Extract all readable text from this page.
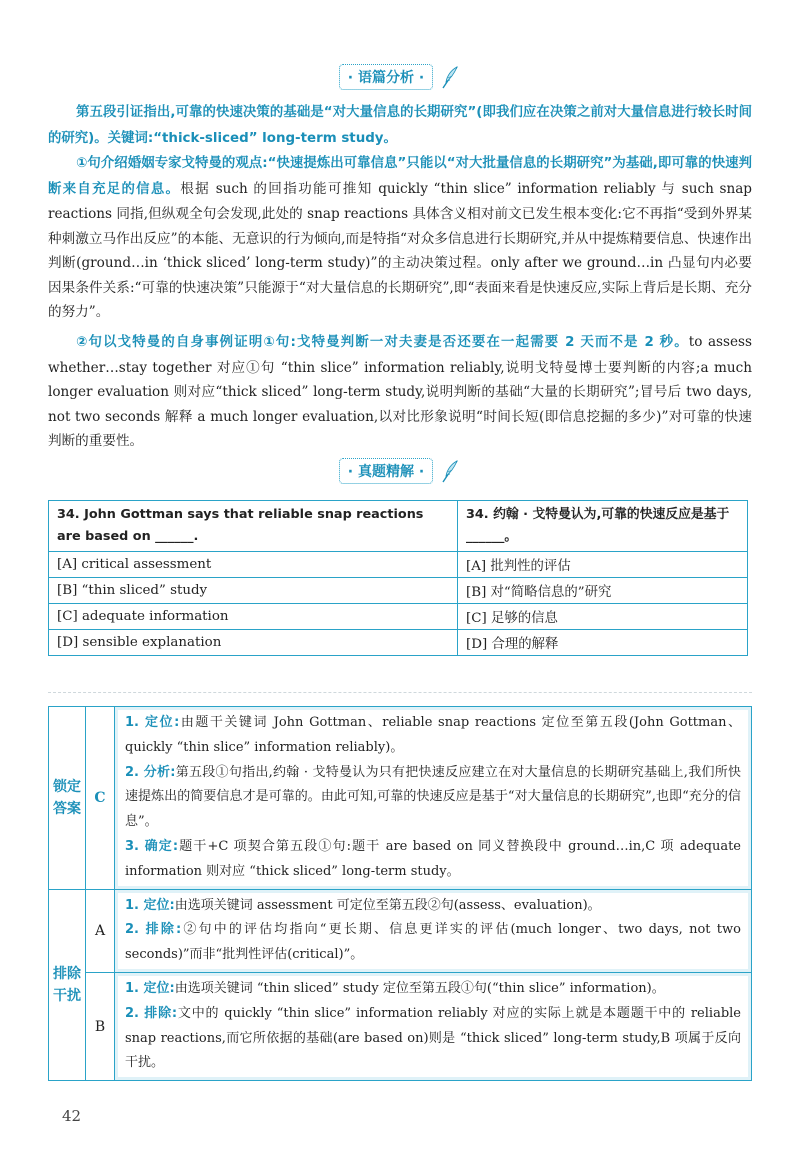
· 语篇分析 ·
第五段引证指出,可靠的快速决策的基础是“对大量信息的长期研究”(即我们应在决策之前对大量信息进行较长时间的研究)。关键词:“thick-sliced” long-term study。
①句介绍婚姻专家戈特曼的观点:“快速提炼出可靠信息”只能以“对大批量信息的长期研究”为基础,即可靠的快速判断来自充足的信息。根据 such 的回指功能可推知 quickly “thin slice” information reliably 与 such snap reactions 同指,但纵观全句会发现,此处的 snap reactions 具体含义相对前文已发生根本变化:它不再指“受到外界某种刺激立马作出反应”的本能、无意识的行为倾向,而是特指“对众多信息进行长期研究,并从中提炼精要信息、快速作出判断(ground…in ‘thick sliced’ long-term study)”的主动决策过程。only after we ground…in 凸显句内必要因果条件关系:“可靠的快速决策”只能源于“对大量信息的长期研究”,即“表面来看是快速反应,实际上背后是长期、充分的努力”。
②句以戈特曼的自身事例证明①句:戈特曼判断一对夫妻是否还要在一起需要 2 天而不是 2 秒。to assess whether…stay together 对应①句 “thin slice” information reliably,说明戈特曼博士要判断的内容;a much longer evaluation 则对应“thick sliced” long-term study,说明判断的基础“大量的长期研究”;冒号后 two days, not two seconds 解释 a much longer evaluation,以对比形象说明“时间长短(即信息挖掘的多少)”对可靠的快速判断的重要性。
· 真题精解 ·
34. John Gottman says that reliable snap reactions are based on ______.	34. 约翰 · 戈特曼认为,可靠的快速反应是基于______。
[A] critical assessment	[A] 批判性的评估
[B] “thin sliced” study	[B] 对“简略信息的”研究
[C] adequate information	[C] 足够的信息
[D] sensible explanation	[D] 合理的解释
锁定答案	C	1. 定位:由题干关键词 John Gottman、reliable snap reactions 定位至第五段(John Gottman、quickly “thin slice” information reliably)。
2. 分析:第五段①句指出,约翰 · 戈特曼认为只有把快速反应建立在对大量信息的长期研究基础上,我们所快速提炼出的简要信息才是可靠的。由此可知,可靠的快速反应是基于“对大量信息的长期研究”,也即“充分的信息”。
3. 确定:题干+C 项契合第五段①句:题干 are based on 同义替换段中 ground…in,C 项 adequate information 则对应 “thick sliced” long-term study。

排除干扰	A	1. 定位:由选项关键词 assessment 可定位至第五段②句(assess、evaluation)。
2. 排除:②句中的评估均指向“更长期、信息更详实的评估(much longer、two days, not two seconds)”而非“批判性评估(critical)”。

	B	1. 定位:由选项关键词 “thin sliced” study 定位至第五段①句(“thin slice” information)。
2. 排除:文中的 quickly “thin slice” information reliably 对应的实际上就是本题题干中的 reliable snap reactions,而它所依据的基础(are based on)则是 “thick sliced” long-term study,B 项属于反向干扰。
42
